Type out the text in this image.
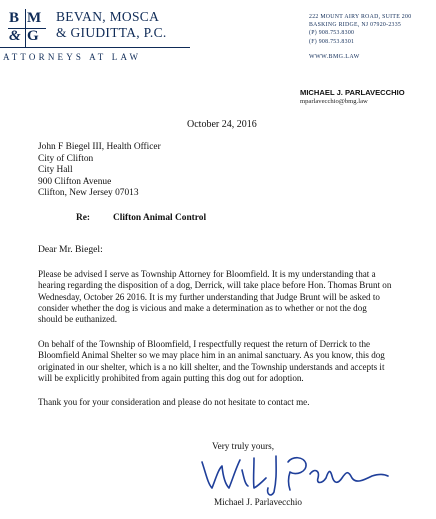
B M
& G
BEVAN, MOSCA
& GIUDITTA, P.C.
ATTORNEYS AT LAW
222 MOUNT AIRY ROAD, SUITE 200
BASKING RIDGE, NJ 07920-2335
(P) 908.753.8300
(F) 908.753.8301
WWW.BMG.LAW
MICHAEL J. PARLAVECCHIO
mparlavecchio@bmg.law
October 24, 2016
John F Biegel III, Health Officer
City of Clifton
City Hall
900 Clifton Avenue
Clifton, New Jersey 07013
Re: Clifton Animal Control
Dear Mr. Biegel:
Please be advised I serve as Township Attorney for Bloomfield. It is my understanding that a
hearing regarding the disposition of a dog, Derrick, will take place before Hon. Thomas Brunt on
Wednesday, October 26 2016. It is my further understanding that Judge Brunt will be asked to
consider whether the dog is vicious and make a determination as to whether or not the dog
should be euthanized.
On behalf of the Township of Bloomfield, I respectfully request the return of Derrick to the
Bloomfield Animal Shelter so we may place him in an animal sanctuary. As you know, this dog
originated in our shelter, which is a no kill shelter, and the Township understands and accepts it
will be explicitly prohibited from again putting this dog out for adoption.
Thank you for your consideration and please do not hesitate to contact me.
Very truly yours,
Michael J. Parlavecchio
